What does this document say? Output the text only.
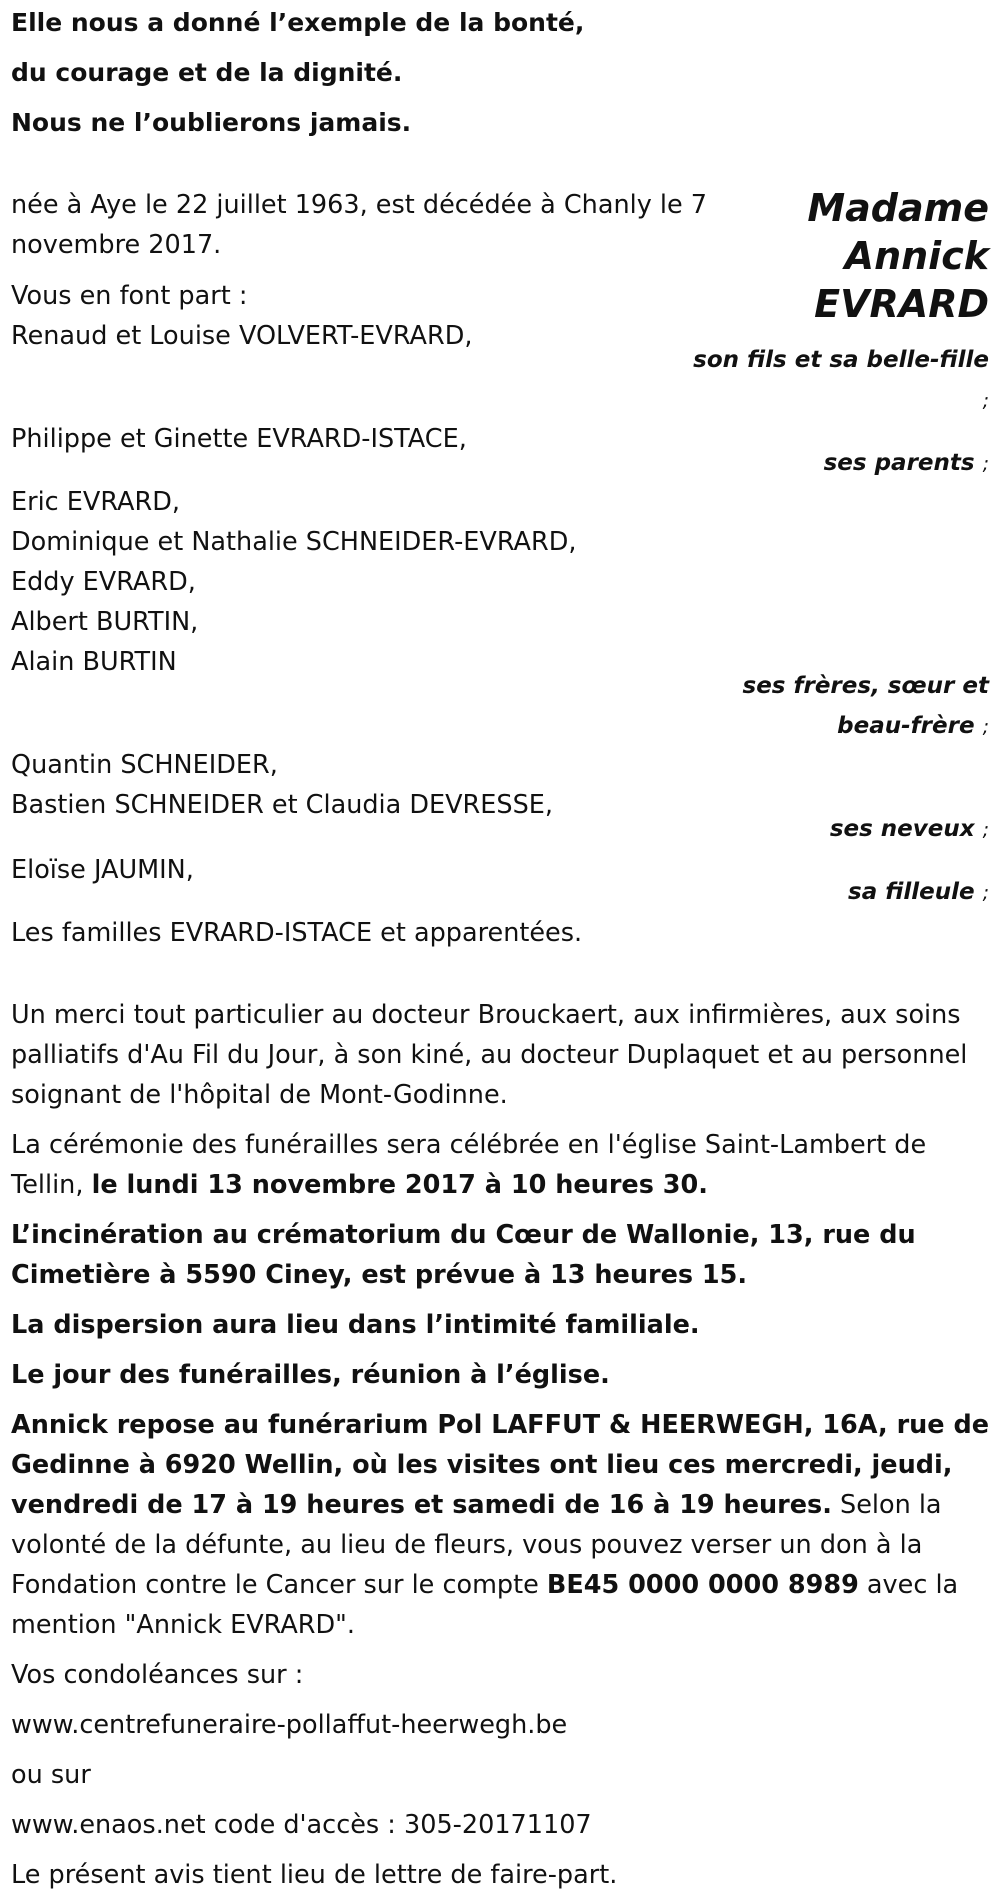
Elle nous a donné l’exemple de la bonté,
du courage et de la dignité.
Nous ne l’oublierons jamais.
Madame
Annick
EVRARD
née à Aye le 22 juillet 1963, est décédée à Chanly le 7 novembre 2017.
Vous en font part :
Renaud et Louise VOLVERT-EVRARD,
Philippe et Ginette EVRARD-ISTACE,
Eric EVRARD,
Dominique et Nathalie SCHNEIDER-EVRARD,
Eddy EVRARD,
Albert BURTIN,
Alain BURTIN
Quantin SCHNEIDER,
Bastien SCHNEIDER et Claudia DEVRESSE,
Eloïse JAUMIN,
Les familles EVRARD-ISTACE et apparentées.
son fils et sa belle-fille ;
ses parents ;
ses frères, sœur et beau-frère ;
ses neveux ;
sa filleule ;
Un merci tout particulier au docteur Brouckaert, aux infirmières, aux soins palliatifs d'Au Fil du Jour, à son kiné, au docteur Duplaquet et au personnel soignant de l'hôpital de Mont-Godinne.
La cérémonie des funérailles sera célébrée en l'église Saint-Lambert de Tellin, le lundi 13 novembre 2017 à 10 heures 30.
L’incinération au crématorium du Cœur de Wallonie, 13, rue du Cimetière à 5590 Ciney, est prévue à 13 heures 15.
La dispersion aura lieu dans l’intimité familiale.
Le jour des funérailles, réunion à l’église.
Annick repose au funérarium Pol LAFFUT & HEERWEGH, 16A, rue de Gedinne à 6920 Wellin, où les visites ont lieu ces mercredi, jeudi, vendredi de 17 à 19 heures et samedi de 16 à 19 heures. Selon la volonté de la défunte, au lieu de fleurs, vous pouvez verser un don à la Fondation contre le Cancer sur le compte BE45 0000 0000 8989 avec la mention "Annick EVRARD".
Vos condoléances sur :
www.centrefuneraire-pollaffut-heerwegh.be
ou sur
www.enaos.net code d'accès : 305-20171107
Le présent avis tient lieu de lettre de faire-part.
